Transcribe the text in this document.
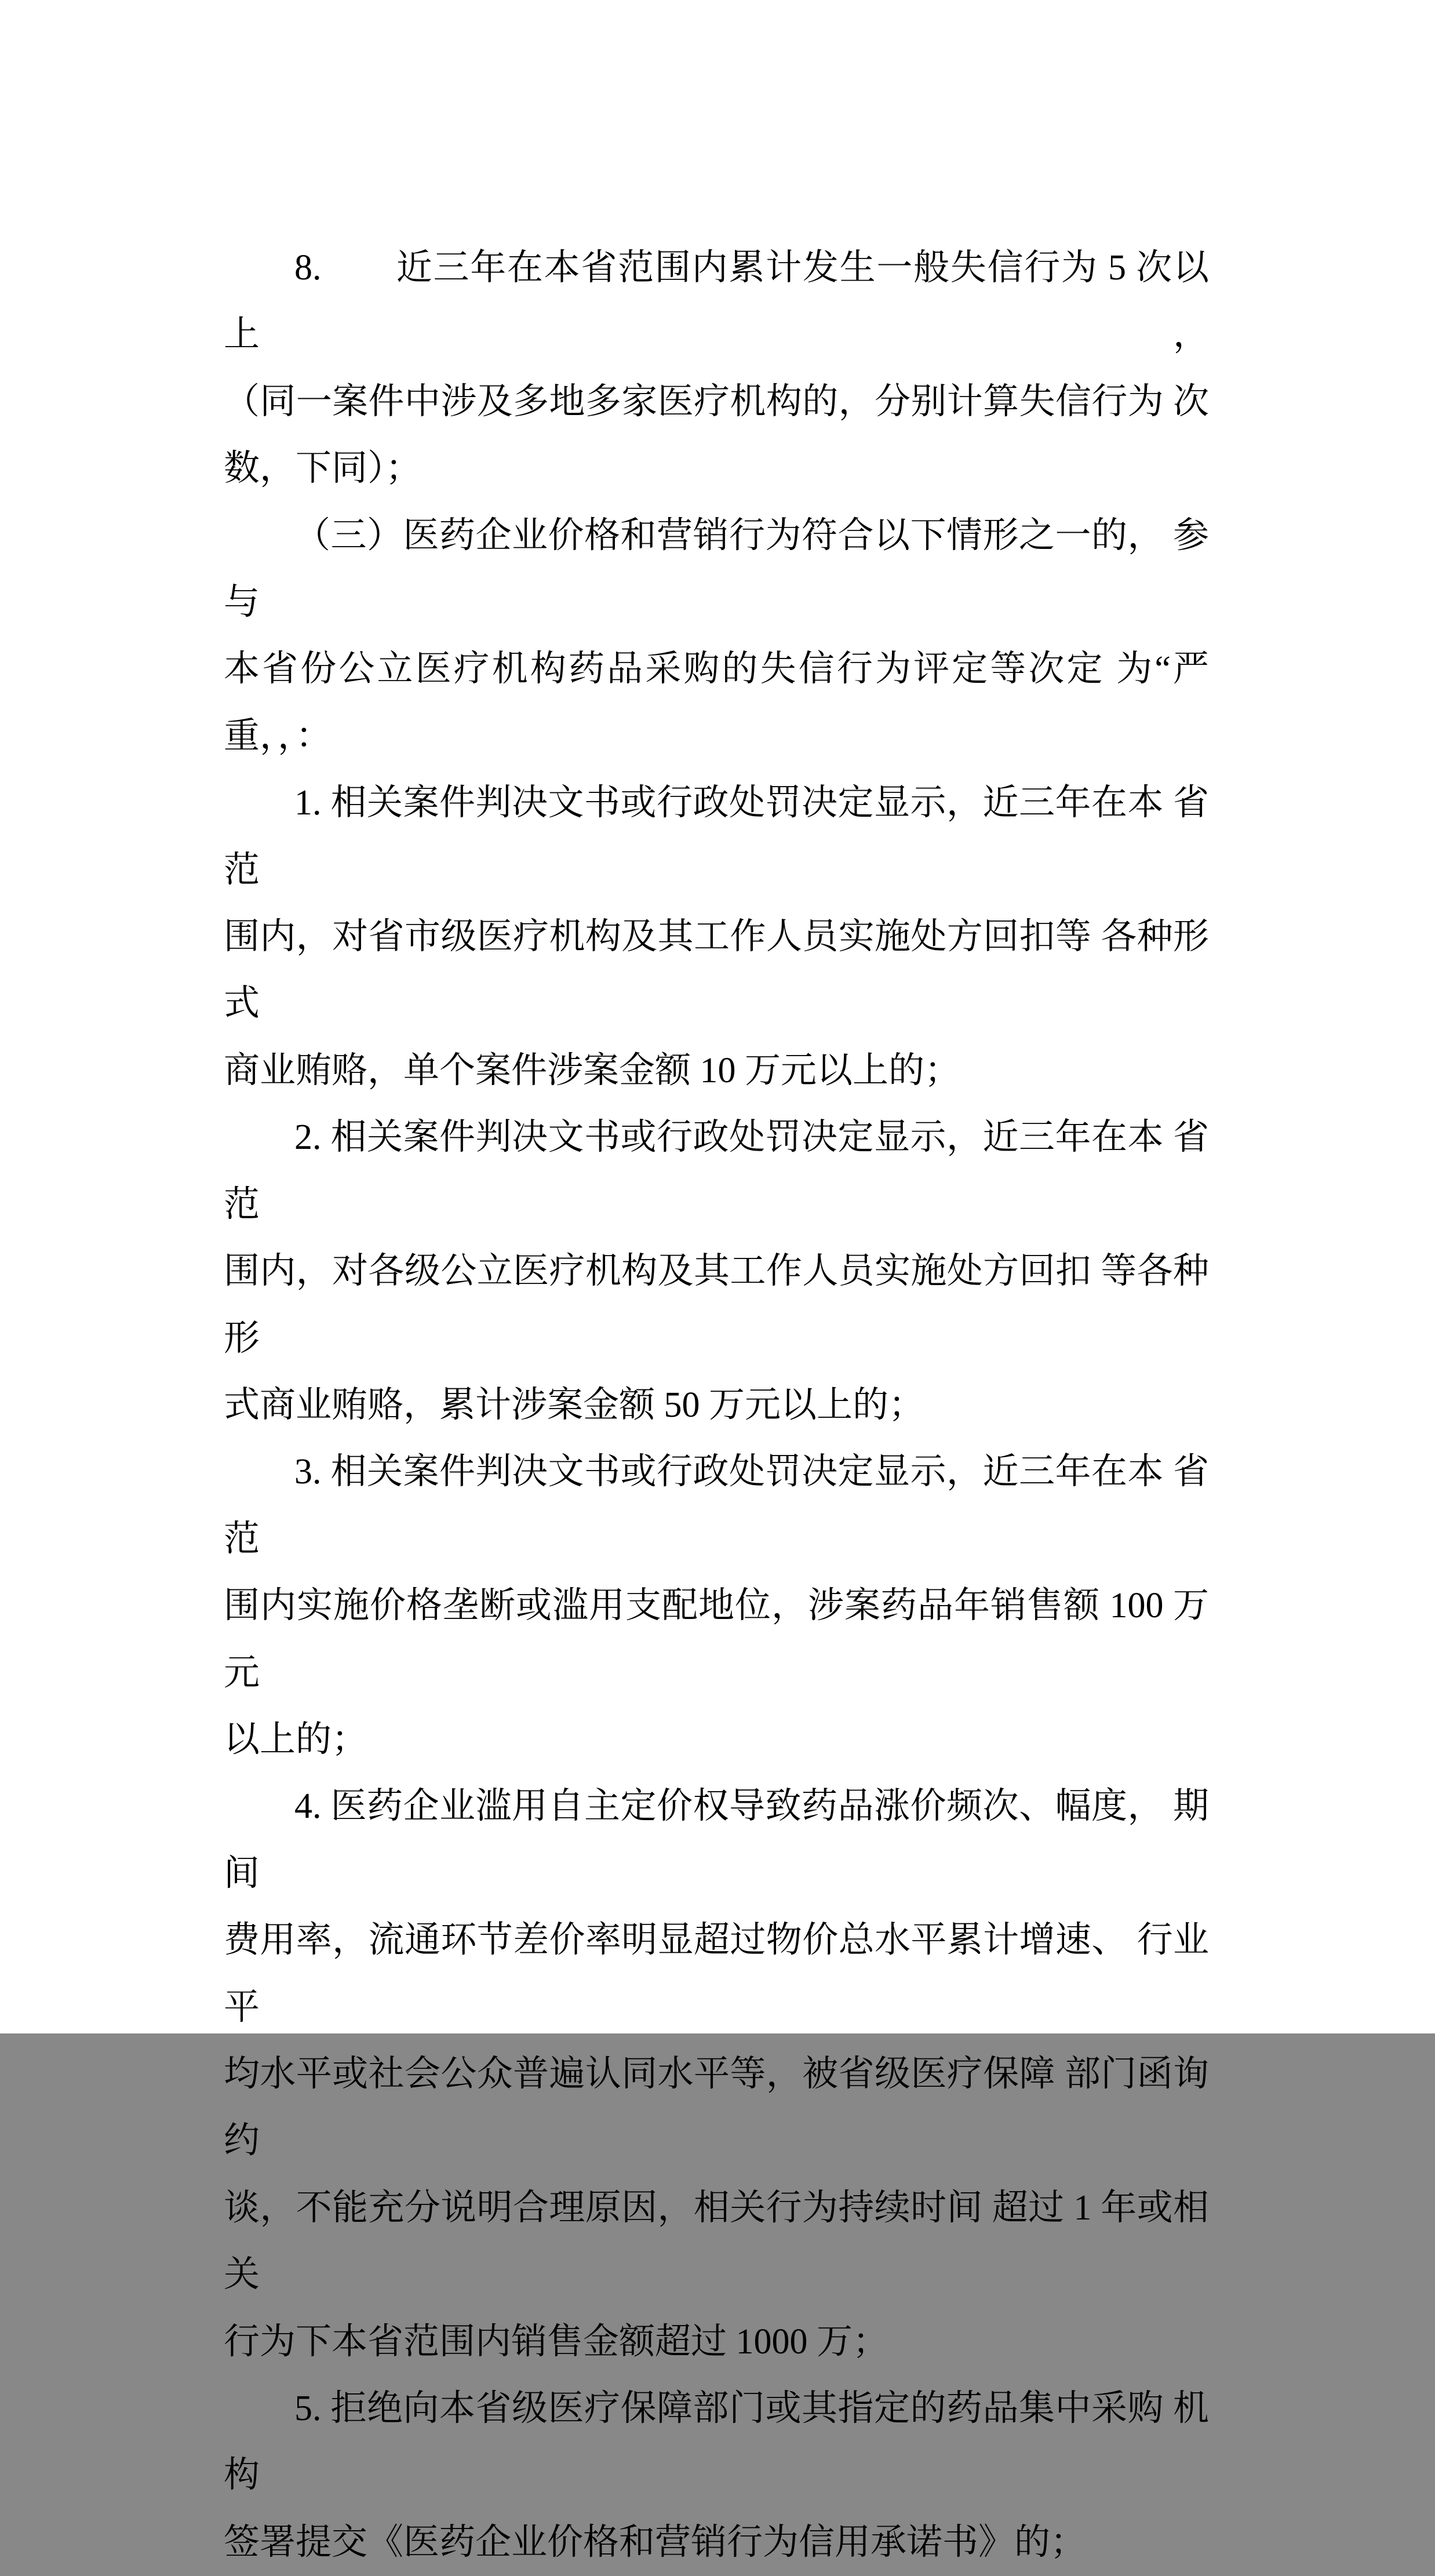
8.　　近三年在本省范围内累计发生一般失信行为 5 次以上，
（同一案件中涉及多地多家医疗机构的，分别计算失信行为 次
数，下同）；
（三）医药企业价格和营销行为符合以下情形之一的， 参与
本省份公立医疗机构药品采购的失信行为评定等次定 为“严
重，，：
1. 相关案件判决文书或行政处罚决定显示，近三年在本 省范
围内，对省市级医疗机构及其工作人员实施处方回扣等 各种形式
商业贿赂，单个案件涉案金额 10 万元以上的；
2. 相关案件判决文书或行政处罚决定显示，近三年在本 省范
围内，对各级公立医疗机构及其工作人员实施处方回扣 等各种形
式商业贿赂，累计涉案金额 50 万元以上的；
3. 相关案件判决文书或行政处罚决定显示，近三年在本 省范
围内实施价格垄断或滥用支配地位，涉案药品年销售额 100 万元
以上的；
4. 医药企业滥用自主定价权导致药品涨价频次、幅度， 期间
费用率，流通环节差价率明显超过物价总水平累计增速、 行业平
均水平或社会公众普遍认同水平等，被省级医疗保障 部门函询约
谈，不能充分说明合理原因，相关行为持续时间 超过 1 年或相关
行为下本省范围内销售金额超过 1000 万；
5. 拒绝向本省级医疗保障部门或其指定的药品集中采购 机构
签署提交《医药企业价格和营销行为信用承诺书》的；
